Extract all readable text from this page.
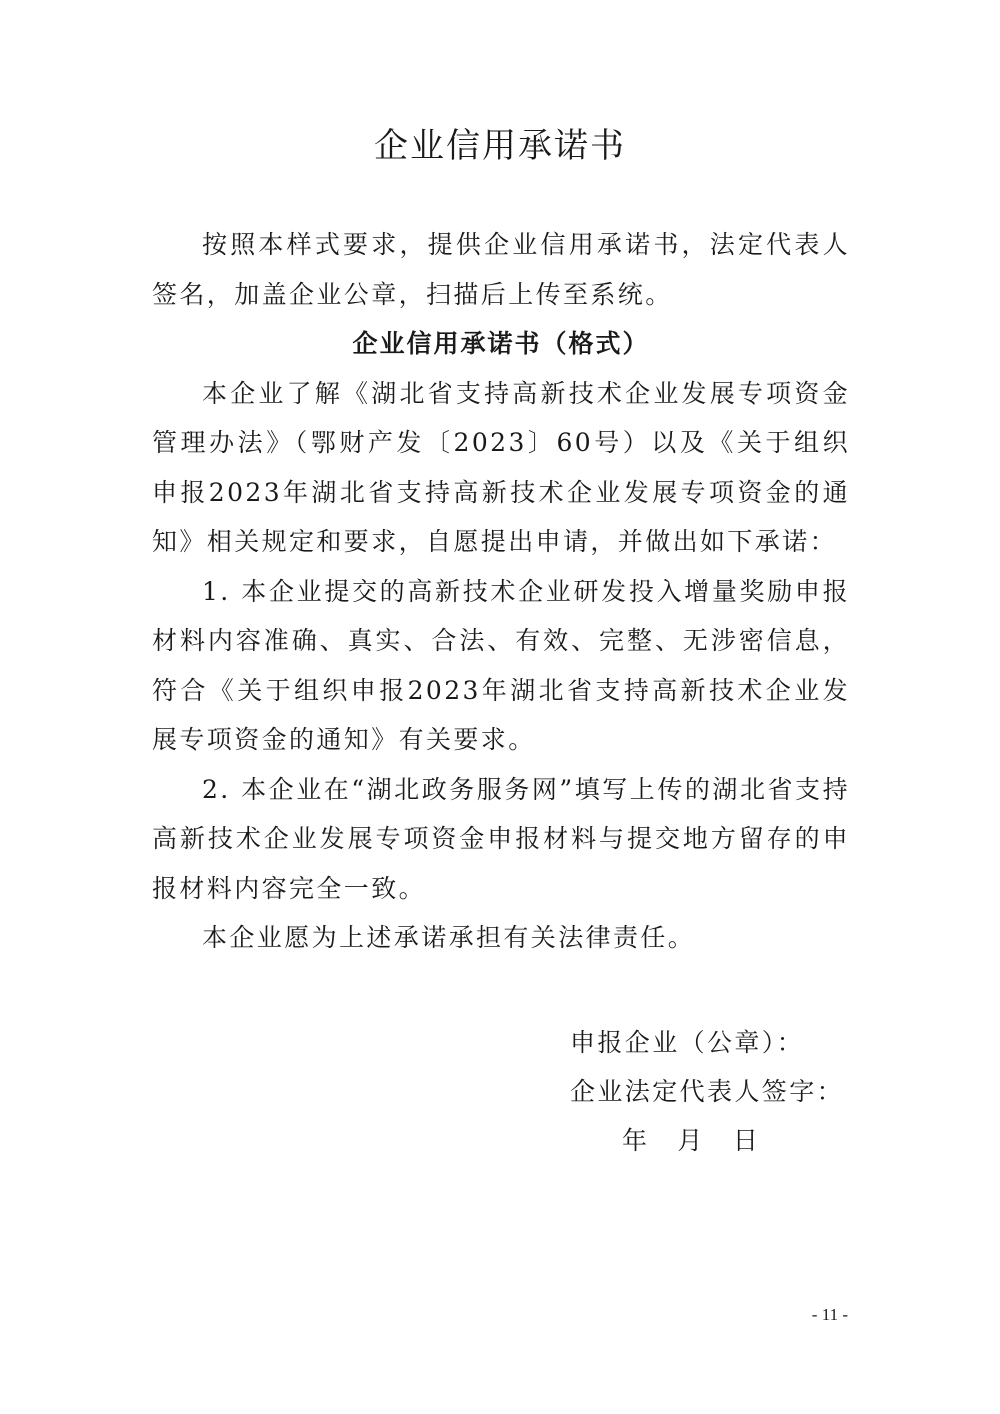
企业信用承诺书

按照本样式要求，提供企业信用承诺书，法定代表人签名，加盖企业公章，扫描后上传至系统。

企业信用承诺书（格式）

本企业了解《湖北省支持高新技术企业发展专项资金管理办法》（鄂财产发〔2023〕60号）以及《关于组织申报2023年湖北省支持高新技术企业发展专项资金的通知》相关规定和要求，自愿提出申请，并做出如下承诺：

1. 本企业提交的高新技术企业研发投入增量奖励申报材料内容准确、真实、合法、有效、完整、无涉密信息，符合《关于组织申报2023年湖北省支持高新技术企业发展专项资金的通知》有关要求。

2. 本企业在“湖北政务服务网”填写上传的湖北省支持高新技术企业发展专项资金申报材料与提交地方留存的申报材料内容完全一致。

本企业愿为上述承诺承担有关法律责任。

申报企业（公章）：
企业法定代表人签字：
年 月 日
- 11 -
